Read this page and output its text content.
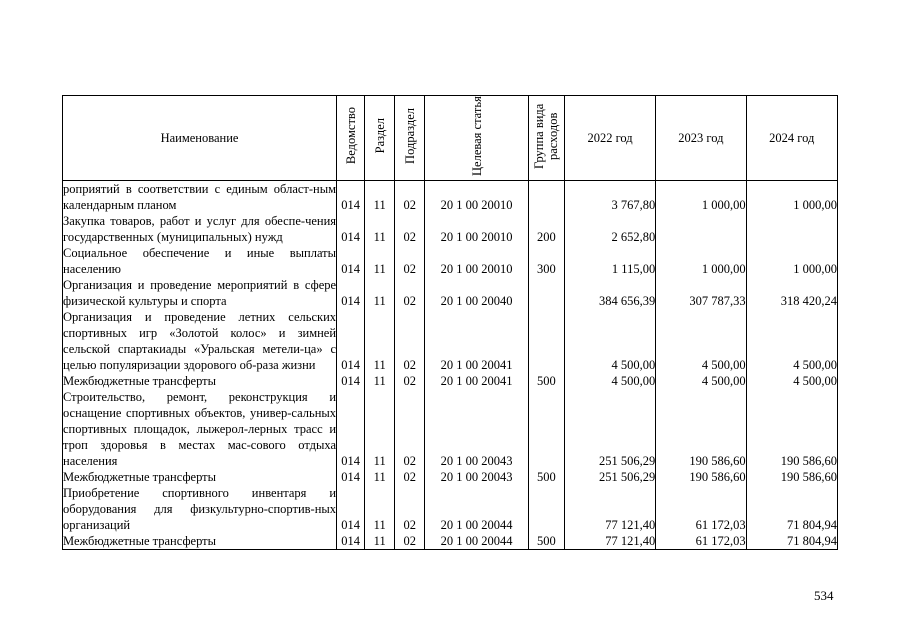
Наименование	Ведомство	Раздел	Подраздел	Целевая статья	Группа вида расходов	2022 год	2023 год	2024 год
роприятий в соответствии с единым област-ным календарным планом	014	11	02	20 1 00 20010		3 767,80	1 000,00	1 000,00
Закупка товаров, работ и услуг для обеспе-чения государственных (муниципальных) нужд	014	11	02	20 1 00 20010	200	2 652,80		
Социальное обеспечение и иные выплаты населению	014	11	02	20 1 00 20010	300	1 115,00	1 000,00	1 000,00
Организация и проведение мероприятий в сфере физической культуры и спорта	014	11	02	20 1 00 20040		384 656,39	307 787,33	318 420,24
Организация и проведение летних сельских спортивных игр «Золотой колос» и зимней сельской спартакиады «Уральская метели-ца» с целью популяризации здорового об-раза жизни	014	11	02	20 1 00 20041		4 500,00	4 500,00	4 500,00
Межбюджетные трансферты	014	11	02	20 1 00 20041	500	4 500,00	4 500,00	4 500,00
Строительство, ремонт, реконструкция и оснащение спортивных объектов, универ-сальных спортивных площадок, лыжерол-лерных трасс и троп здоровья в местах мас-сового отдыха населения	014	11	02	20 1 00 20043		251 506,29	190 586,60	190 586,60
Межбюджетные трансферты	014	11	02	20 1 00 20043	500	251 506,29	190 586,60	190 586,60
Приобретение спортивного инвентаря и оборудования для физкультурно-спортив-ных организаций	014	11	02	20 1 00 20044		77 121,40	61 172,03	71 804,94
Межбюджетные трансферты	014	11	02	20 1 00 20044	500	77 121,40	61 172,03	71 804,94
534
